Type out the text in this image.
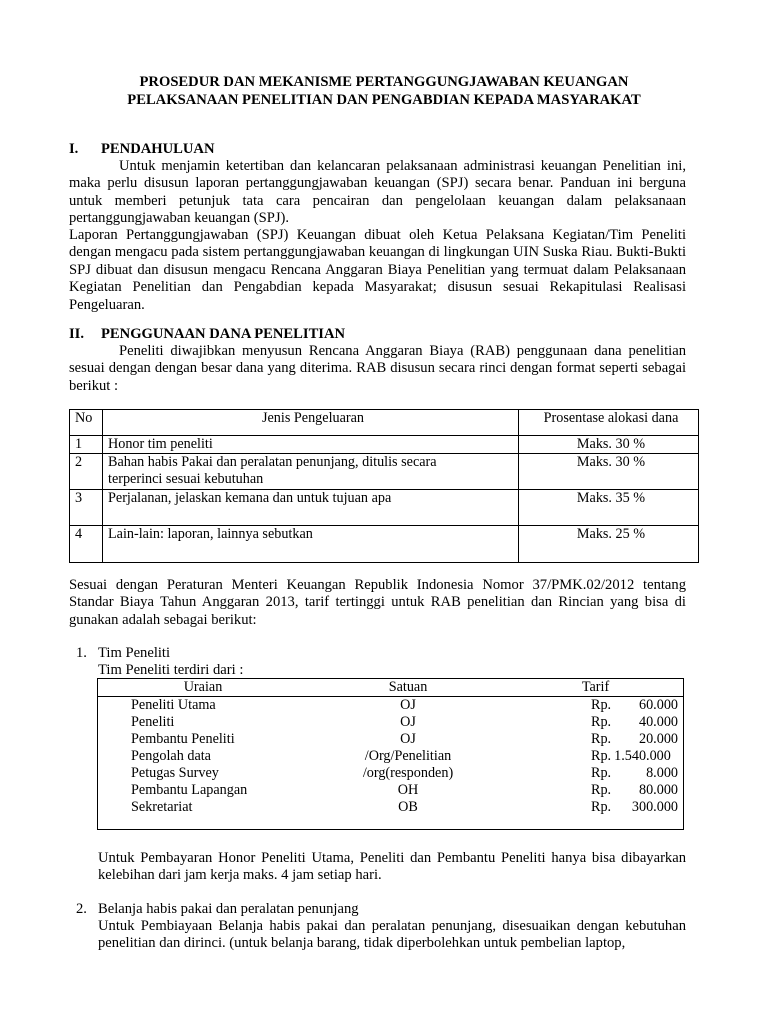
PROSEDUR DAN MEKANISME PERTANGGUNGJAWABAN KEUANGAN
PELAKSANAAN PENELITIAN DAN PENGABDIAN KEPADA MASYARAKAT
I. PENDAHULUAN
Untuk menjamin ketertiban dan kelancaran pelaksanaan administrasi keuangan Penelitian ini, maka perlu disusun laporan pertanggungjawaban keuangan (SPJ) secara benar. Panduan ini berguna untuk memberi petunjuk tata cara pencairan dan pengelolaan keuangan dalam pelaksanaan pertanggungjawaban keuangan (SPJ).
Laporan Pertanggungjawaban (SPJ) Keuangan dibuat oleh Ketua Pelaksana Kegiatan/Tim Peneliti dengan mengacu pada sistem pertanggungjawaban keuangan di lingkungan UIN Suska Riau. Bukti-Bukti SPJ dibuat dan disusun mengacu Rencana Anggaran Biaya Penelitian yang termuat dalam Pelaksanaan Kegiatan Penelitian dan Pengabdian kepada Masyarakat; disusun sesuai Rekapitulasi Realisasi Pengeluaran.
II. PENGGUNAAN DANA PENELITIAN
Peneliti diwajibkan menyusun Rencana Anggaran Biaya (RAB) penggunaan dana penelitian sesuai dengan dengan besar dana yang diterima. RAB disusun secara rinci dengan format seperti sebagai berikut :
No	Jenis Pengeluaran	Prosentase alokasi dana
1	Honor tim peneliti	Maks. 30 %
2	Bahan habis Pakai dan peralatan penunjang, ditulis secara terperinci sesuai kebutuhan	Maks. 30 %
3	Perjalanan, jelaskan kemana dan untuk tujuan apa	Maks. 35 %
4	Lain-lain: laporan, lainnya sebutkan	Maks. 25 %
Sesuai dengan Peraturan Menteri Keuangan Republik Indonesia Nomor 37/PMK.02/2012 tentang Standar Biaya Tahun Anggaran 2013, tarif tertinggi untuk RAB penelitian dan Rincian yang bisa di gunakan adalah sebagai berikut:
1. Tim Peneliti
Tim Peneliti terdiri dari :
Uraian	Satuan	Tarif
Peneliti Utama	OJ	Rp. 60.000

Peneliti	OJ	Rp. 40.000

Pembantu Peneliti	OJ	Rp. 20.000

Pengolah data	/Org/Penelitian	Rp. 1.540.000

Petugas Survey	/org(responden)	Rp. 8.000

Pembantu Lapangan	OH	Rp. 80.000

Sekretariat	OB	Rp. 300.000
Untuk Pembayaran Honor Peneliti Utama, Peneliti dan Pembantu Peneliti hanya bisa dibayarkan kelebihan dari jam kerja maks. 4 jam setiap hari.
2. Belanja habis pakai dan peralatan penunjang
Untuk Pembiayaan Belanja habis pakai dan peralatan penunjang, disesuaikan dengan kebutuhan penelitian dan dirinci. (untuk belanja barang, tidak diperbolehkan untuk pembelian laptop,
